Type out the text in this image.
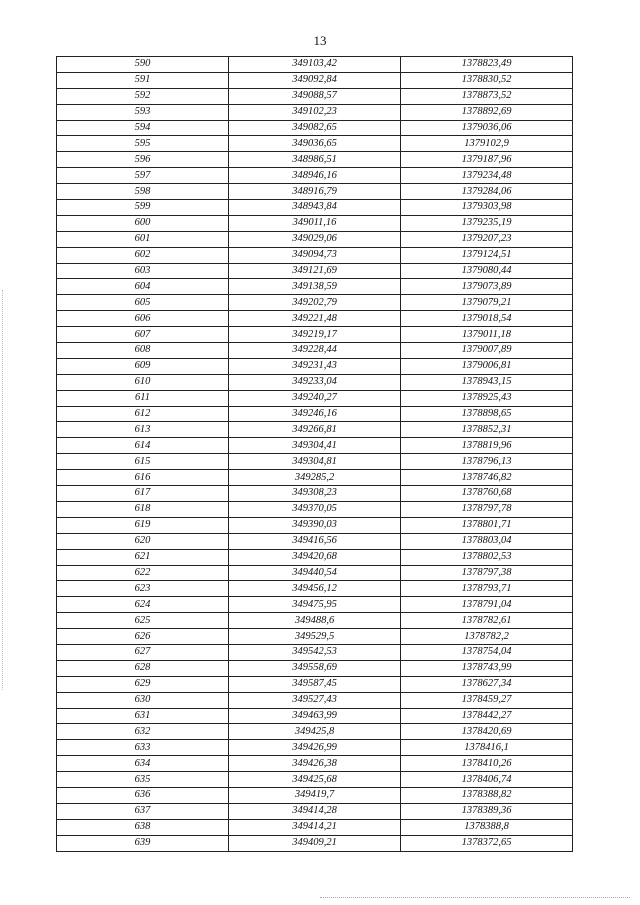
13
590	349103,42	1378823,49
591	349092,84	1378830,52
592	349088,57	1378873,52
593	349102,23	1378892,69
594	349082,65	1379036,06
595	349036,65	1379102,9
596	348986,51	1379187,96
597	348946,16	1379234,48
598	348916,79	1379284,06
599	348943,84	1379303,98
600	349011,16	1379235,19
601	349029,06	1379207,23
602	349094,73	1379124,51
603	349121,69	1379080,44
604	349138,59	1379073,89
605	349202,79	1379079,21
606	349221,48	1379018,54
607	349219,17	1379011,18
608	349228,44	1379007,89
609	349231,43	1379006,81
610	349233,04	1378943,15
611	349240,27	1378925,43
612	349246,16	1378898,65
613	349266,81	1378852,31
614	349304,41	1378819,96
615	349304,81	1378796,13
616	349285,2	1378746,82
617	349308,23	1378760,68
618	349370,05	1378797,78
619	349390,03	1378801,71
620	349416,56	1378803,04
621	349420,68	1378802,53
622	349440,54	1378797,38
623	349456,12	1378793,71
624	349475,95	1378791,04
625	349488,6	1378782,61
626	349529,5	1378782,2
627	349542,53	1378754,04
628	349558,69	1378743,99
629	349587,45	1378627,34
630	349527,43	1378459,27
631	349463,99	1378442,27
632	349425,8	1378420,69
633	349426,99	1378416,1
634	349426,38	1378410,26
635	349425,68	1378406,74
636	349419,7	1378388,82
637	349414,28	1378389,36
638	349414,21	1378388,8
639	349409,21	1378372,65
